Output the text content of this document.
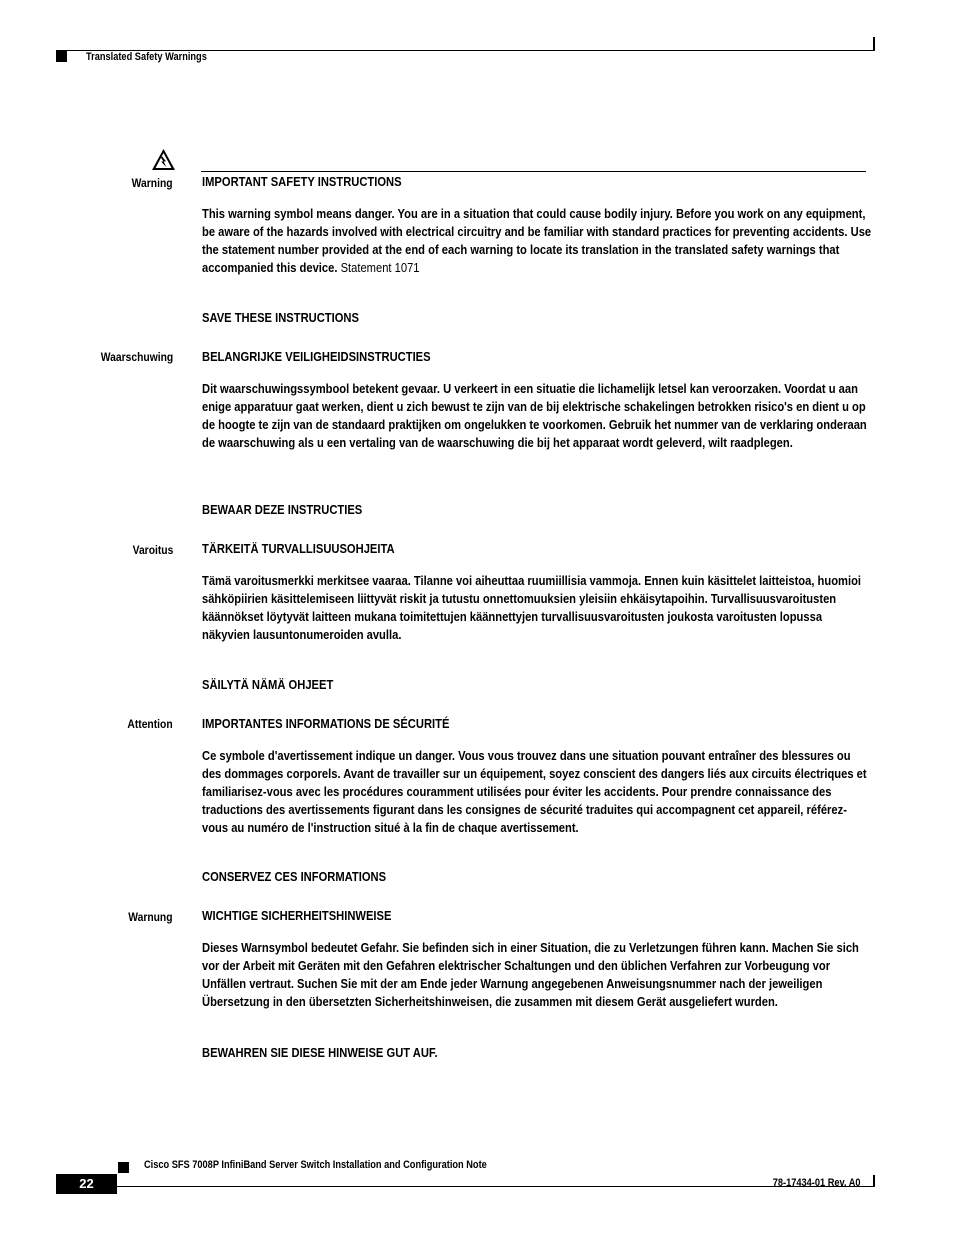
Translated Safety Warnings
Warning IMPORTANT SAFETY INSTRUCTIONS
This warning symbol means danger. You are in a situation that could cause bodily injury. Before you work on any equipment, be aware of the hazards involved with electrical circuitry and be familiar with standard practices for preventing accidents. Use the statement number provided at the end of each warning to locate its translation in the translated safety warnings that accompanied this device. Statement 1071
SAVE THESE INSTRUCTIONS
Waarschuwing BELANGRIJKE VEILIGHEIDSINSTRUCTIES
Dit waarschuwingssymbool betekent gevaar. U verkeert in een situatie die lichamelijk letsel kan veroorzaken. Voordat u aan enige apparatuur gaat werken, dient u zich bewust te zijn van de bij elektrische schakelingen betrokken risico's en dient u op de hoogte te zijn van de standaard praktijken om ongelukken te voorkomen. Gebruik het nummer van de verklaring onderaan de waarschuwing als u een vertaling van de waarschuwing die bij het apparaat wordt geleverd, wilt raadplegen.
BEWAAR DEZE INSTRUCTIES
Varoitus TÄRKEITÄ TURVALLISUUSOHJEITA
Tämä varoitusmerkki merkitsee vaaraa. Tilanne voi aiheuttaa ruumiillisia vammoja. Ennen kuin käsittelet laitteistoa, huomioi sähköpiirien käsittelemiseen liittyvät riskit ja tutustu onnettomuuksien yleisiin ehkäisytapoihin. Turvallisuusvaroitusten käännökset löytyvät laitteen mukana toimitettujen käännettyjen turvallisuusvaroitusten joukosta varoitusten lopussa näkyvien lausuntonumeroiden avulla.
SÄILYTÄ NÄMÄ OHJEET
Attention IMPORTANTES INFORMATIONS DE SÉCURITÉ
Ce symbole d'avertissement indique un danger. Vous vous trouvez dans une situation pouvant entraîner des blessures ou des dommages corporels. Avant de travailler sur un équipement, soyez conscient des dangers liés aux circuits électriques et familiarisez-vous avec les procédures couramment utilisées pour éviter les accidents. Pour prendre connaissance des traductions des avertissements figurant dans les consignes de sécurité traduites qui accompagnent cet appareil, référez-vous au numéro de l'instruction situé à la fin de chaque avertissement.
CONSERVEZ CES INFORMATIONS
Warnung WICHTIGE SICHERHEITSHINWEISE
Dieses Warnsymbol bedeutet Gefahr. Sie befinden sich in einer Situation, die zu Verletzungen führen kann. Machen Sie sich vor der Arbeit mit Geräten mit den Gefahren elektrischer Schaltungen und den üblichen Verfahren zur Vorbeugung vor Unfällen vertraut. Suchen Sie mit der am Ende jeder Warnung angegebenen Anweisungsnummer nach der jeweiligen Übersetzung in den übersetzten Sicherheitshinweisen, die zusammen mit diesem Gerät ausgeliefert wurden.
BEWAHREN SIE DIESE HINWEISE GUT AUF.
Cisco SFS 7008P InfiniBand Server Switch Installation and Configuration Note
22	78-17434-01 Rev. A0
